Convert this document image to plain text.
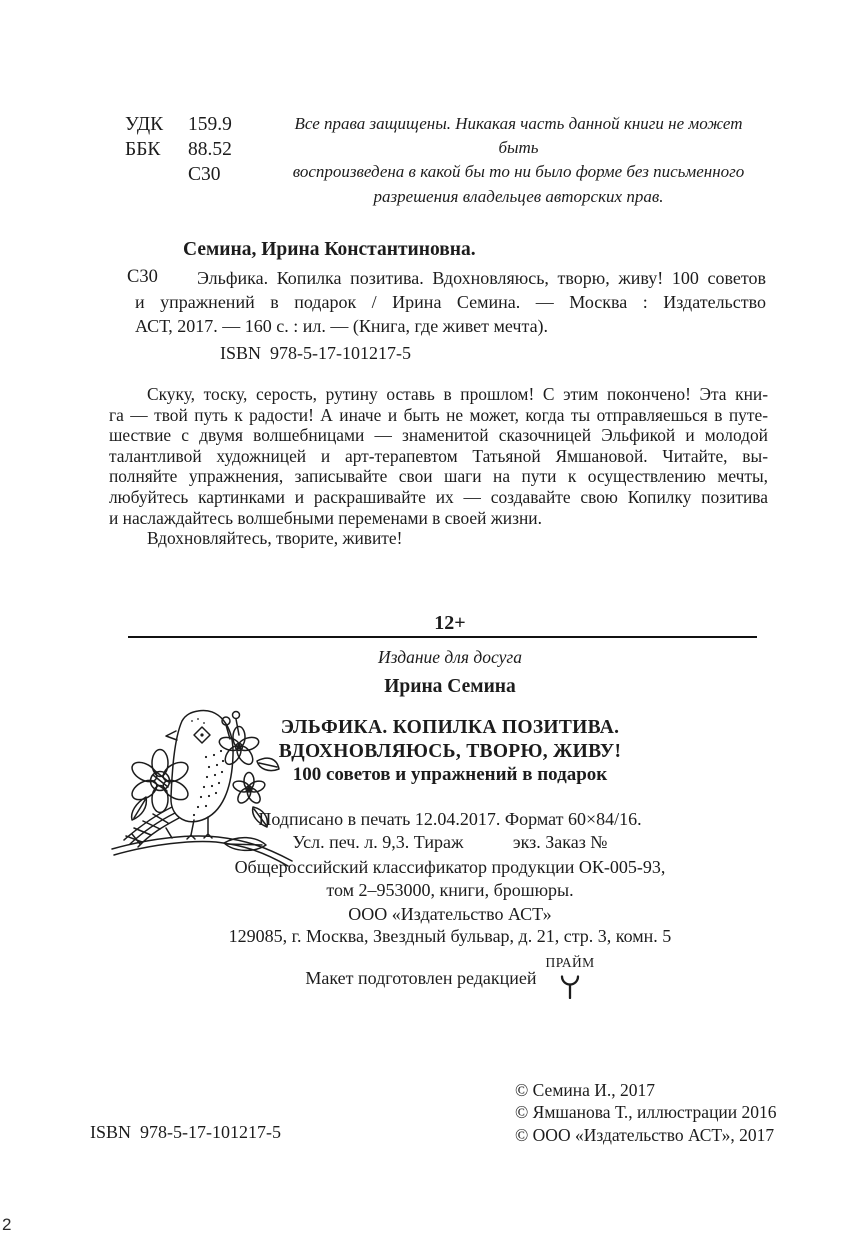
УДК 159.9
ББК 88.52
С30
Все права защищены. Никакая часть данной книги не может быть
воспроизведена в какой бы то ни было форме без письменного
разрешения владельцев авторских прав.
Семина, Ирина Константиновна.
С30	Эльфика. Копилка позитива. Вдохновляюсь, творю, живу! 100 советов
и упражнений в подарок / Ирина Семина. — Москва : Издательство
АСТ, 2017. — 160 с. : ил. — (Книга, где живет мечта).
ISBN  978-5-17-101217-5
Скуку, тоску, серость, рутину оставь в прошлом! С этим покончено! Эта кни-
га — твой путь к радости! А иначе и быть не может, когда ты отправляешься в путе-
шествие с двумя волшебницами — знаменитой сказочницей Эльфикой и молодой
талантливой художницей и арт-терапевтом Татьяной Ямшановой. Читайте, вы-
полняйте упражнения, записывайте свои шаги на пути к осуществлению мечты,
любуйтесь картинками и раскрашивайте их — создавайте свою Копилку позитива
и наслаждайтесь волшебными переменами в своей жизни.
Вдохновляйтесь, творите, живите!
12+
Издание для досуга
Ирина Семина
ЭЛЬФИКА. КОПИЛКА ПОЗИТИВА.
ВДОХНОВЛЯЮСЬ, ТВОРЮ, ЖИВУ!
100 советов и упражнений в подарок
Подписано в печать 12.04.2017. Формат 60×84/16.
Усл. печ. л. 9,3. Тираж           экз. Заказ №
Общероссийский классификатор продукции ОК-005-93,
том 2–953000, книги, брошюры.
ООО «Издательство АСТ»
129085, г. Москва, Звездный бульвар, д. 21, стр. 3, комн. 5
Макет подготовлен редакцией
ПРАЙМ
© Семина И., 2017
© Ямшанова Т., иллюстрации 2016
© ООО «Издательство АСТ», 2017
ISBN  978-5-17-101217-5
2
